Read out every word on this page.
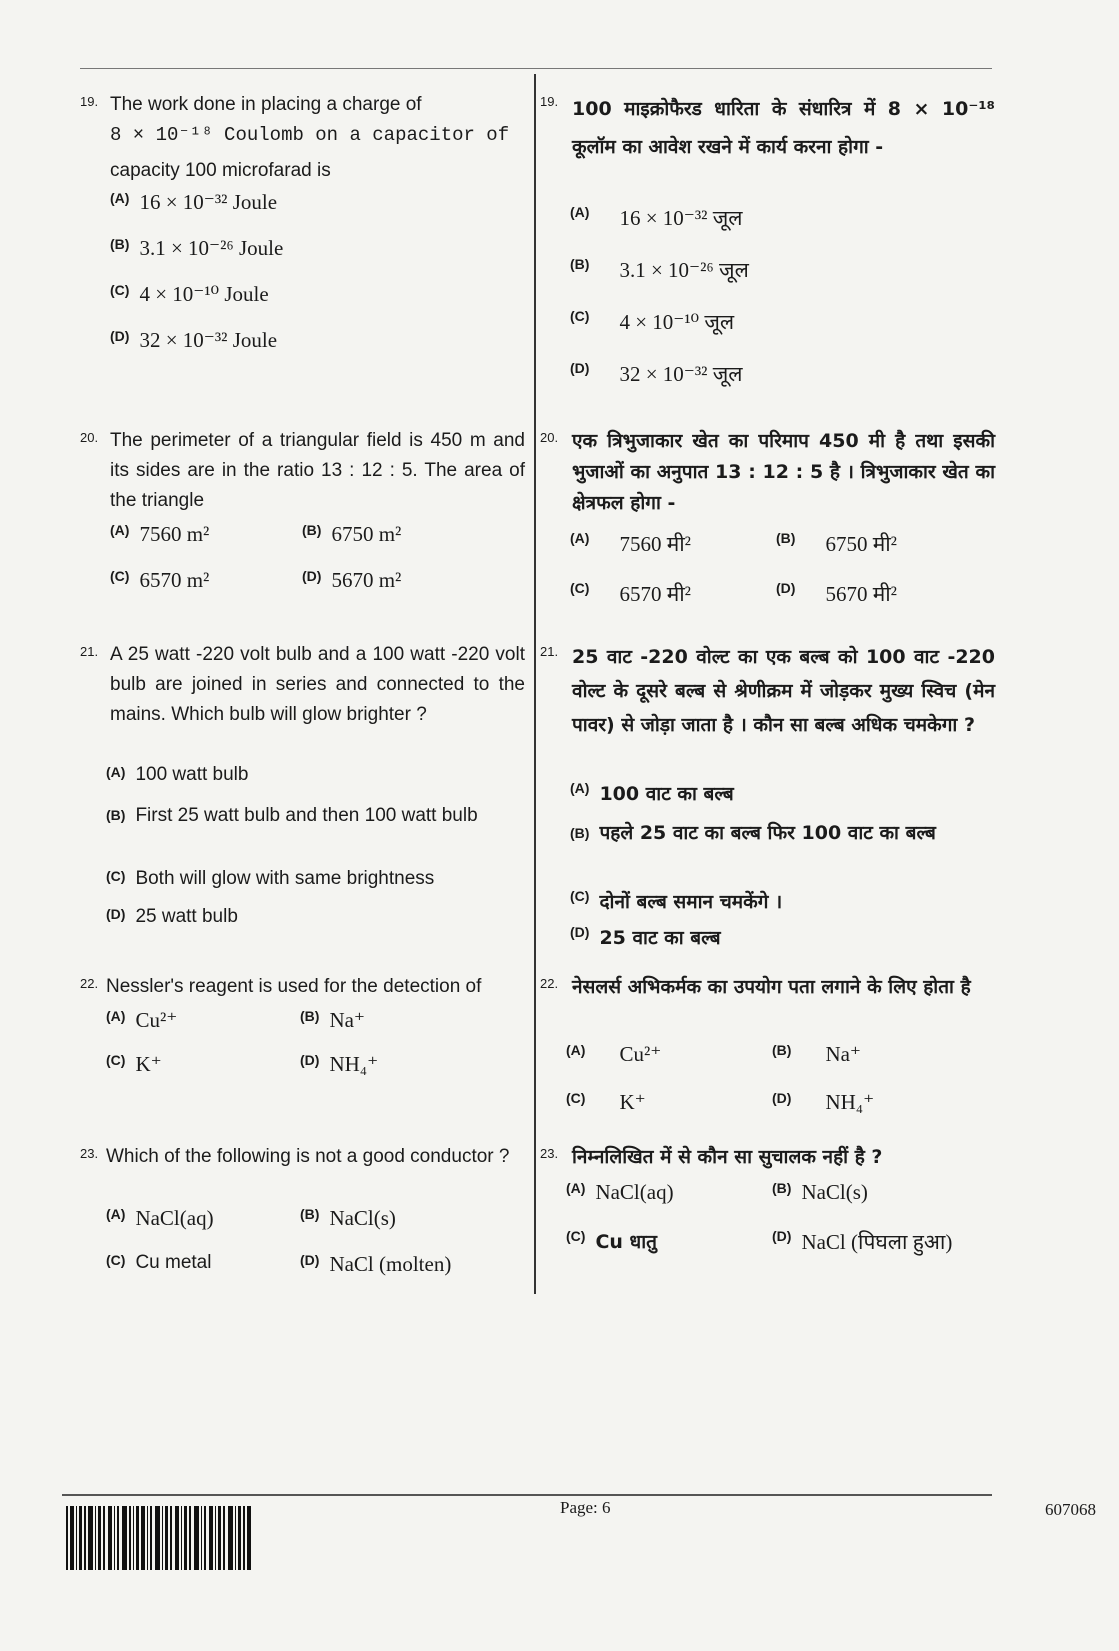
19. The work done in placing a charge of
8 × 10⁻¹⁸ Coulomb on a capacitor of
capacity 100 microfarad is
(A) 16 × 10⁻³² Joule
(B) 3.1 × 10⁻²⁶ Joule
(C) 4 × 10⁻¹⁰ Joule
(D) 32 × 10⁻³² Joule
20. The perimeter of a triangular field is 450 m and its sides are in the ratio 13 : 12 : 5. The area of the triangle
(A) 7560 m²	(B) 6750 m²
(C) 6570 m²	(D) 5670 m²
21. A 25 watt -220 volt bulb and a 100 watt -220 volt bulb are joined in series and connected to the mains. Which bulb will glow brighter ?
(A) 100 watt bulb
(B) First 25 watt bulb and then 100 watt bulb
(C) Both will glow with same brightness
(D) 25 watt bulb
22. Nessler's reagent is used for the detection of
(A) Cu²⁺	(B) Na⁺
(C) K⁺	(D) NH₄⁺
23. Which of the following is not a good conductor ?
(A) NaCl(aq)	(B) NaCl(s)
(C) Cu metal	(D) NaCl (molten)
19. 100 माइक्रोफैरड धारिता के संधारित्र में 8 × 10⁻¹⁸ कूलॉम का आवेश रखने में कार्य करना होगा -
(A) 16 × 10⁻³² जूल
(B) 3.1 × 10⁻²⁶ जूल
(C) 4 × 10⁻¹⁰ जूल
(D) 32 × 10⁻³² जूल
20. एक त्रिभुजाकार खेत का परिमाप 450 मी है तथा इसकी भुजाओं का अनुपात 13 : 12 : 5 है । त्रिभुजाकार खेत का क्षेत्रफल होगा -
(A) 7560 मी²	(B) 6750 मी²
(C) 6570 मी²	(D) 5670 मी²
21. 25 वाट -220 वोल्ट का एक बल्ब को 100 वाट -220 वोल्ट के दूसरे बल्ब से श्रेणीक्रम में जोड़कर मुख्य स्विच (मेन पावर) से जोड़ा जाता है । कौन सा बल्ब अधिक चमकेगा ?
(A) 100 वाट का बल्ब
(B) पहले 25 वाट का बल्ब फिर 100 वाट का बल्ब
(C) दोनों बल्ब समान चमकेंगे ।
(D) 25 वाट का बल्ब
22. नेसलर्स अभिकर्मक का उपयोग पता लगाने के लिए होता है
(A) Cu²⁺	(B) Na⁺
(C) K⁺	(D) NH₄⁺
23. निम्नलिखित में से कौन सा सुचालक नहीं है ?
(A) NaCl(aq)	(B) NaCl(s)
(C) Cu धातु	(D) NaCl (पिघला हुआ)
Page: 6	607068
